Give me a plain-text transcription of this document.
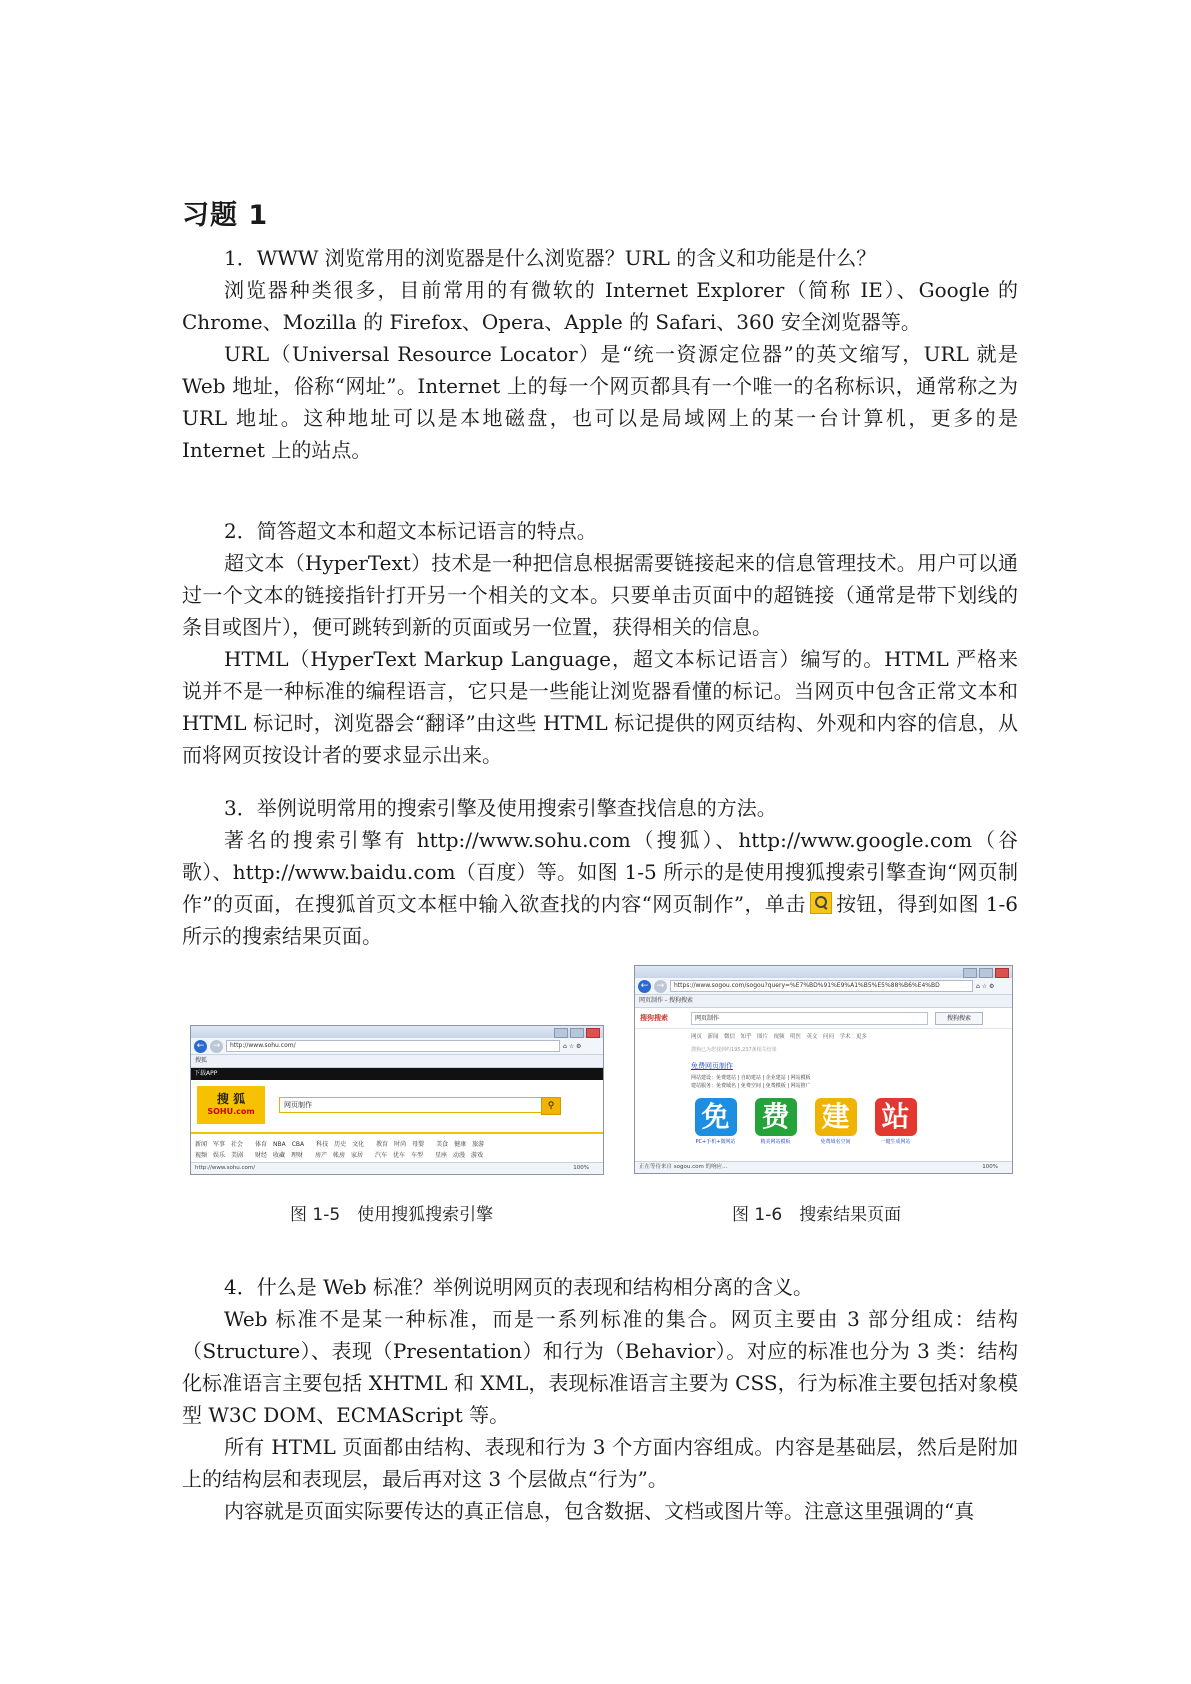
习题 1

1．WWW 浏览常用的浏览器是什么浏览器？URL 的含义和功能是什么？

浏览器种类很多，目前常用的有微软的 Internet Explorer（简称 IE）、Google 的 Chrome、Mozilla 的 Firefox、Opera、Apple 的 Safari、360 安全浏览器等。

URL（Universal Resource Locator）是“统一资源定位器”的英文缩写，URL 就是 Web 地址，俗称“网址”。Internet 上的每一个网页都具有一个唯一的名称标识，通常称之为 URL 地址。这种地址可以是本地磁盘，也可以是局域网上的某一台计算机，更多的是 Internet 上的站点。

2．简答超文本和超文本标记语言的特点。

超文本（HyperText）技术是一种把信息根据需要链接起来的信息管理技术。用户可以通过一个文本的链接指针打开另一个相关的文本。只要单击页面中的超链接（通常是带下划线的条目或图片），便可跳转到新的页面或另一位置，获得相关的信息。

HTML（HyperText Markup Language，超文本标记语言）编写的。HTML 严格来说并不是一种标准的编程语言，它只是一些能让浏览器看懂的标记。当网页中包含正常文本和 HTML 标记时，浏览器会“翻译”由这些 HTML 标记提供的网页结构、外观和内容的信息，从而将网页按设计者的要求显示出来。

3．举例说明常用的搜索引擎及使用搜索引擎查找信息的方法。

著名的搜索引擎有 http://www.sohu.com（搜狐）、http://www.google.com（谷歌）、http://www.baidu.com（百度）等。如图 1-5 所示的是使用搜狐搜索引擎查询“网页制作”的页面，在搜狐首页文本框中输入欲查找的内容“网页制作”，单击 按钮，得到如图 1-6 所示的搜索结果页面。

4．什么是 Web 标准？举例说明网页的表现和结构相分离的含义。

Web 标准不是某一种标准，而是一系列标准的集合。网页主要由 3 部分组成：结构（Structure）、表现（Presentation）和行为（Behavior）。对应的标准也分为 3 类：结构化标准语言主要包括 XHTML 和 XML，表现标准语言主要为 CSS，行为标准主要包括对象模型 W3C DOM、ECMAScript 等。

所有 HTML 页面都由结构、表现和行为 3 个方面内容组成。内容是基础层，然后是附加上的结构层和表现层，最后再对这 3 个层做点“行为”。

内容就是页面实际要传达的真正信息，包含数据、文档或图片等。注意这里强调的“真

← →	http://www.sohu.com/	⌂ ☆ ⚙
搜狐
下载APP
搜 狐
SOHU.com
网页制作	⚲
新闻　军事　社会　　体育　NBA　CBA　　科技　历史　文化　　教育　时尚　母婴　　美食　健康　旅游
视频　娱乐　美剧　　财经　收藏　理财　　房产　帐房　家居　　汽车　优车　车型　　星座　动漫　游戏
http://www.sohu.com/	100%
图 1-5　使用搜狐搜索引擎
← →	https://www.sogou.com/sogou?query=%E7%BD%91%E9%A1%B5%E5%88%B6%E4%BD	⌂ ☆ ⚙
网页制作 - 搜狗搜索
搜狗搜索	网页制作	搜狗搜索
网页　新闻　微信　知乎　图片　视频　明医　英文　问问　学术　更多
搜狗已为您找到约195,237条相关结果
免费网页制作
网站建设：免费建站 | 自助建站 | 企业建站 | 网站模板
建站服务：免费域名 | 免费空间 | 免费模板 | 网站推广
免
PC+手机+微网站
费
精美网站模板
建
免费域名空间
站
一键生成网站
正在等待来自 sogou.com 的响应...	100%
图 1-6　搜索结果页面
